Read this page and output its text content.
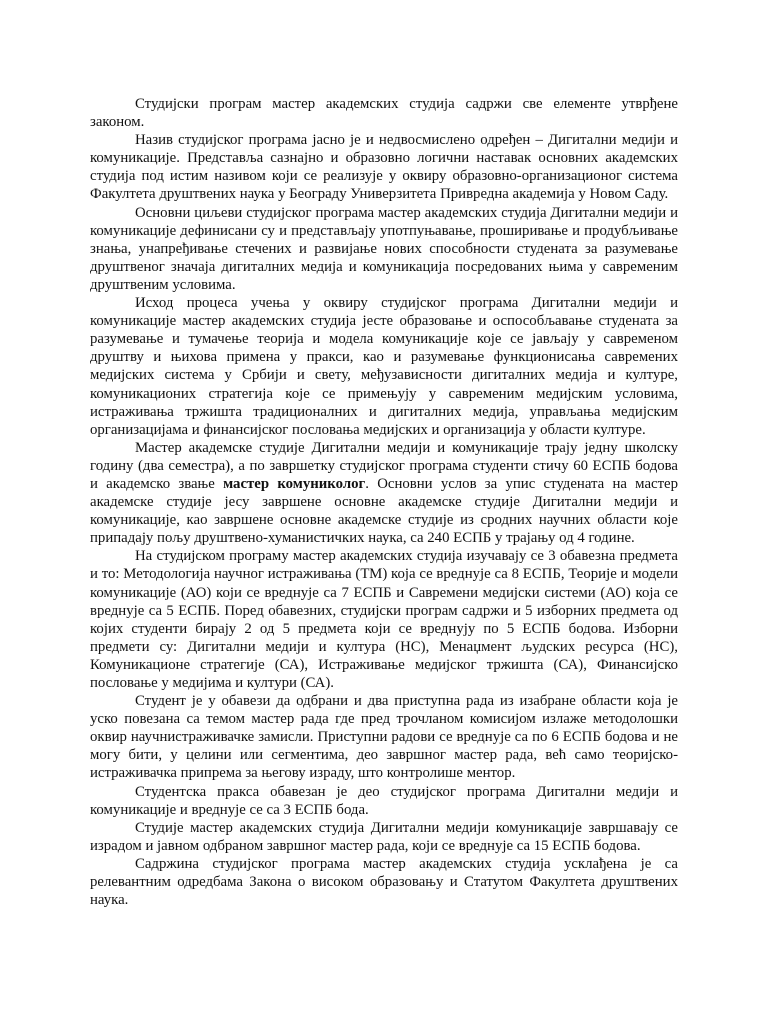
Студијски програм мастер академских студија садржи све елементе утврђене законом.

Назив студијског програма јасно је и недвосмислено одређен – Дигитални медији и комуникације. Представља сазнајно и образовно логични наставак основних академских студија под истим називом који се реализује у оквиру образовно-организационог система Факултета друштвених наука у Београду Универзитета Привредна академија у Новом Саду.

Основни циљеви студијског програма мастер академских студија Дигитални медији и комуникације дефинисани су и представљају употпуњавање, проширивање и продубљивање знања, унапређивање стечених и развијање нових способности студената за разумевање друштвеног значаја дигиталних медија и комуникација посредованих њима у савременим друштвеним условима.

Исход процеса учења у оквиру студијског програма Дигитални медији и комуникације мастер академских студија јесте образовање и оспособљавање студената за разумевање и тумачење теорија и модела комуникације које се јављају у савременом друштву и њихова примена у пракси, као и разумевање функционисања савремених медијских система у Србији и свету, међузависности дигиталних медија и културе, комуникационих стратегија које се примењују у савременим медијским условима, истраживања тржишта традиционалних и дигиталних медија, управљања медијским организацијама и финансијског пословања медијских и организација у области културе.

Мастер академске студије Дигитални медији и комуникације трају једну школску годину (два семестра), а по завршетку студијског програма студенти стичу 60 ЕСПБ бодова и академско звање мастер комуниколог. Основни услов за упис студената на мастер академске студије јесу завршене основне академске студије Дигитални медији и комуникације, као завршене основне академске студије из сродних научних области које припадају пољу друштвено-хуманистичких наука, са 240 ЕСПБ у трајању од 4 године.

На студијском програму мастер академских студија изучавају се 3 обавезна предмета и то: Методологија научног истраживања (ТМ) која се вреднује са 8 ЕСПБ, Теорије и модели комуникације (АО) који се вреднује са 7 ЕСПБ и Савремени медијски системи (АО) која се вреднује са 5 ЕСПБ. Поред обавезних, студијски програм садржи и 5 изборних предмета од којих студенти бирају 2 од 5 предмета који се вреднују по 5 ЕСПБ бодова. Изборни предмети су: Дигитални медији и култура (НС), Менаџмент људских ресурса (НС), Комуникационе стратегије (СА), Истраживање медијског тржишта (СА), Финансијско пословање у медијима и култури (СА).

Студент је у обавези да одбрани и два приступна рада из изабране области која је уско повезана са темом мастер рада где пред трочланом комисијом излаже методолошки оквир научнистраживачке замисли. Приступни радови се вреднује са по 6 ЕСПБ бодова и не могу бити, у целини или сегментима, део завршног мастер рада, већ само теоријско-истраживачка припрема за његову израду, што контролише ментор.

Студентска пракса обавезан је део студијског програма Дигитални медији и комуникације и вреднује се са 3 ЕСПБ бода.

Студије мастер академских студија Дигитални медији комуникације завршавају се израдом и јавном одбраном завршног мастер рада, који се вреднује са 15 ЕСПБ бодова.

Садржина студијског програма мастер академских студија усклађена је са релевантним одредбама Закона о високом образовању и Статутом Факултета друштвених наука.
